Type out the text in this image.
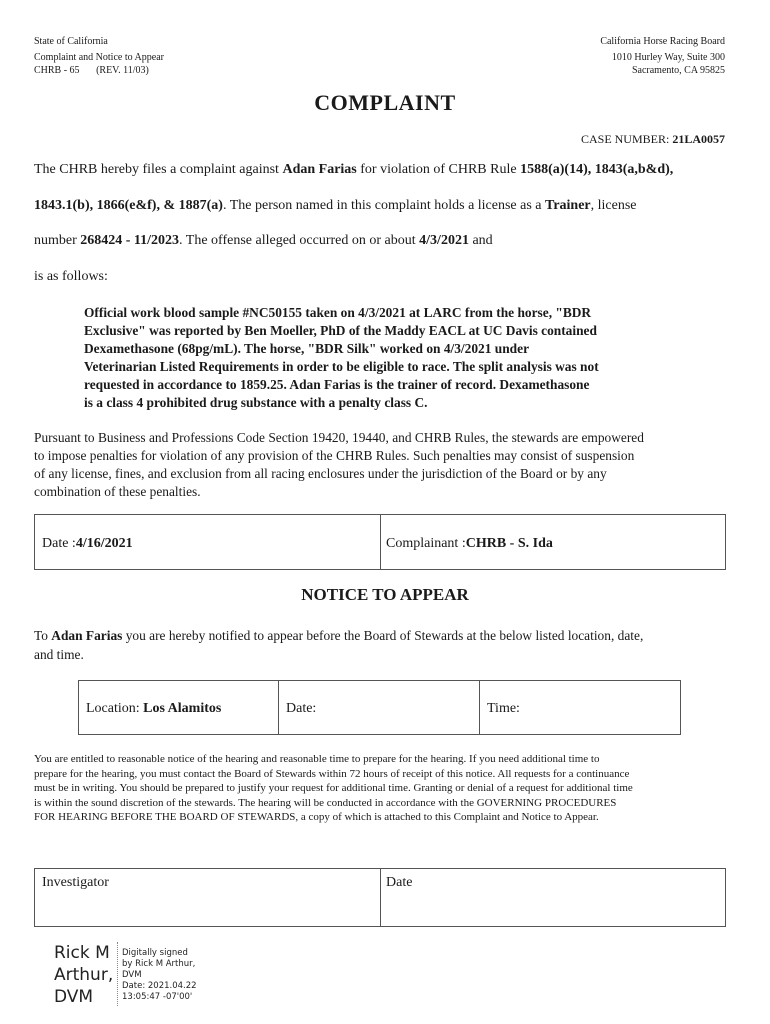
State of California
Complaint and Notice to Appear
CHRB - 65 (REV. 11/03)
California Horse Racing Board
1010 Hurley Way, Suite 300
Sacramento, CA 95825
COMPLAINT
CASE NUMBER: 21LA0057
The CHRB hereby files a complaint against Adan Farias for violation of CHRB Rule 1588(a)(14), 1843(a,b&d),
1843.1(b), 1866(e&f), & 1887(a). The person named in this complaint holds a license as a Trainer, license
number 268424 - 11/2023. The offense alleged occurred on or about 4/3/2021 and
is as follows:
Official work blood sample #NC50155 taken on 4/3/2021 at LARC from the horse, "BDR
Exclusive" was reported by Ben Moeller, PhD of the Maddy EACL at UC Davis contained
Dexamethasone (68pg/mL). The horse, "BDR Silk" worked on 4/3/2021 under
Veterinarian Listed Requirements in order to be eligible to race. The split analysis was not
requested in accordance to 1859.25. Adan Farias is the trainer of record. Dexamethasone
is a class 4 prohibited drug substance with a penalty class C.
Pursuant to Business and Professions Code Section 19420, 19440, and CHRB Rules, the stewards are empowered
to impose penalties for violation of any provision of the CHRB Rules. Such penalties may consist of suspension
of any license, fines, and exclusion from all racing enclosures under the jurisdiction of the Board or by any
combination of these penalties.
Date :4/16/2021	Complainant :CHRB - S. Ida
NOTICE TO APPEAR
To Adan Farias you are hereby notified to appear before the Board of Stewards at the below listed location, date,
and time.
Location: Los Alamitos	Date:	Time:
You are entitled to reasonable notice of the hearing and reasonable time to prepare for the hearing. If you need additional time to
prepare for the hearing, you must contact the Board of Stewards within 72 hours of receipt of this notice. All requests for a continuance
must be in writing. You should be prepared to justify your request for additional time. Granting or denial of a request for additional time
is within the sound discretion of the stewards. The hearing will be conducted in accordance with the GOVERNING PROCEDURES
FOR HEARING BEFORE THE BOARD OF STEWARDS, a copy of which is attached to this Complaint and Notice to Appear.
Investigator	Date
Rick M
Arthur,
DVM
Digitally signed
by Rick M Arthur,
DVM
Date: 2021.04.22
13:05:47 -07'00'
